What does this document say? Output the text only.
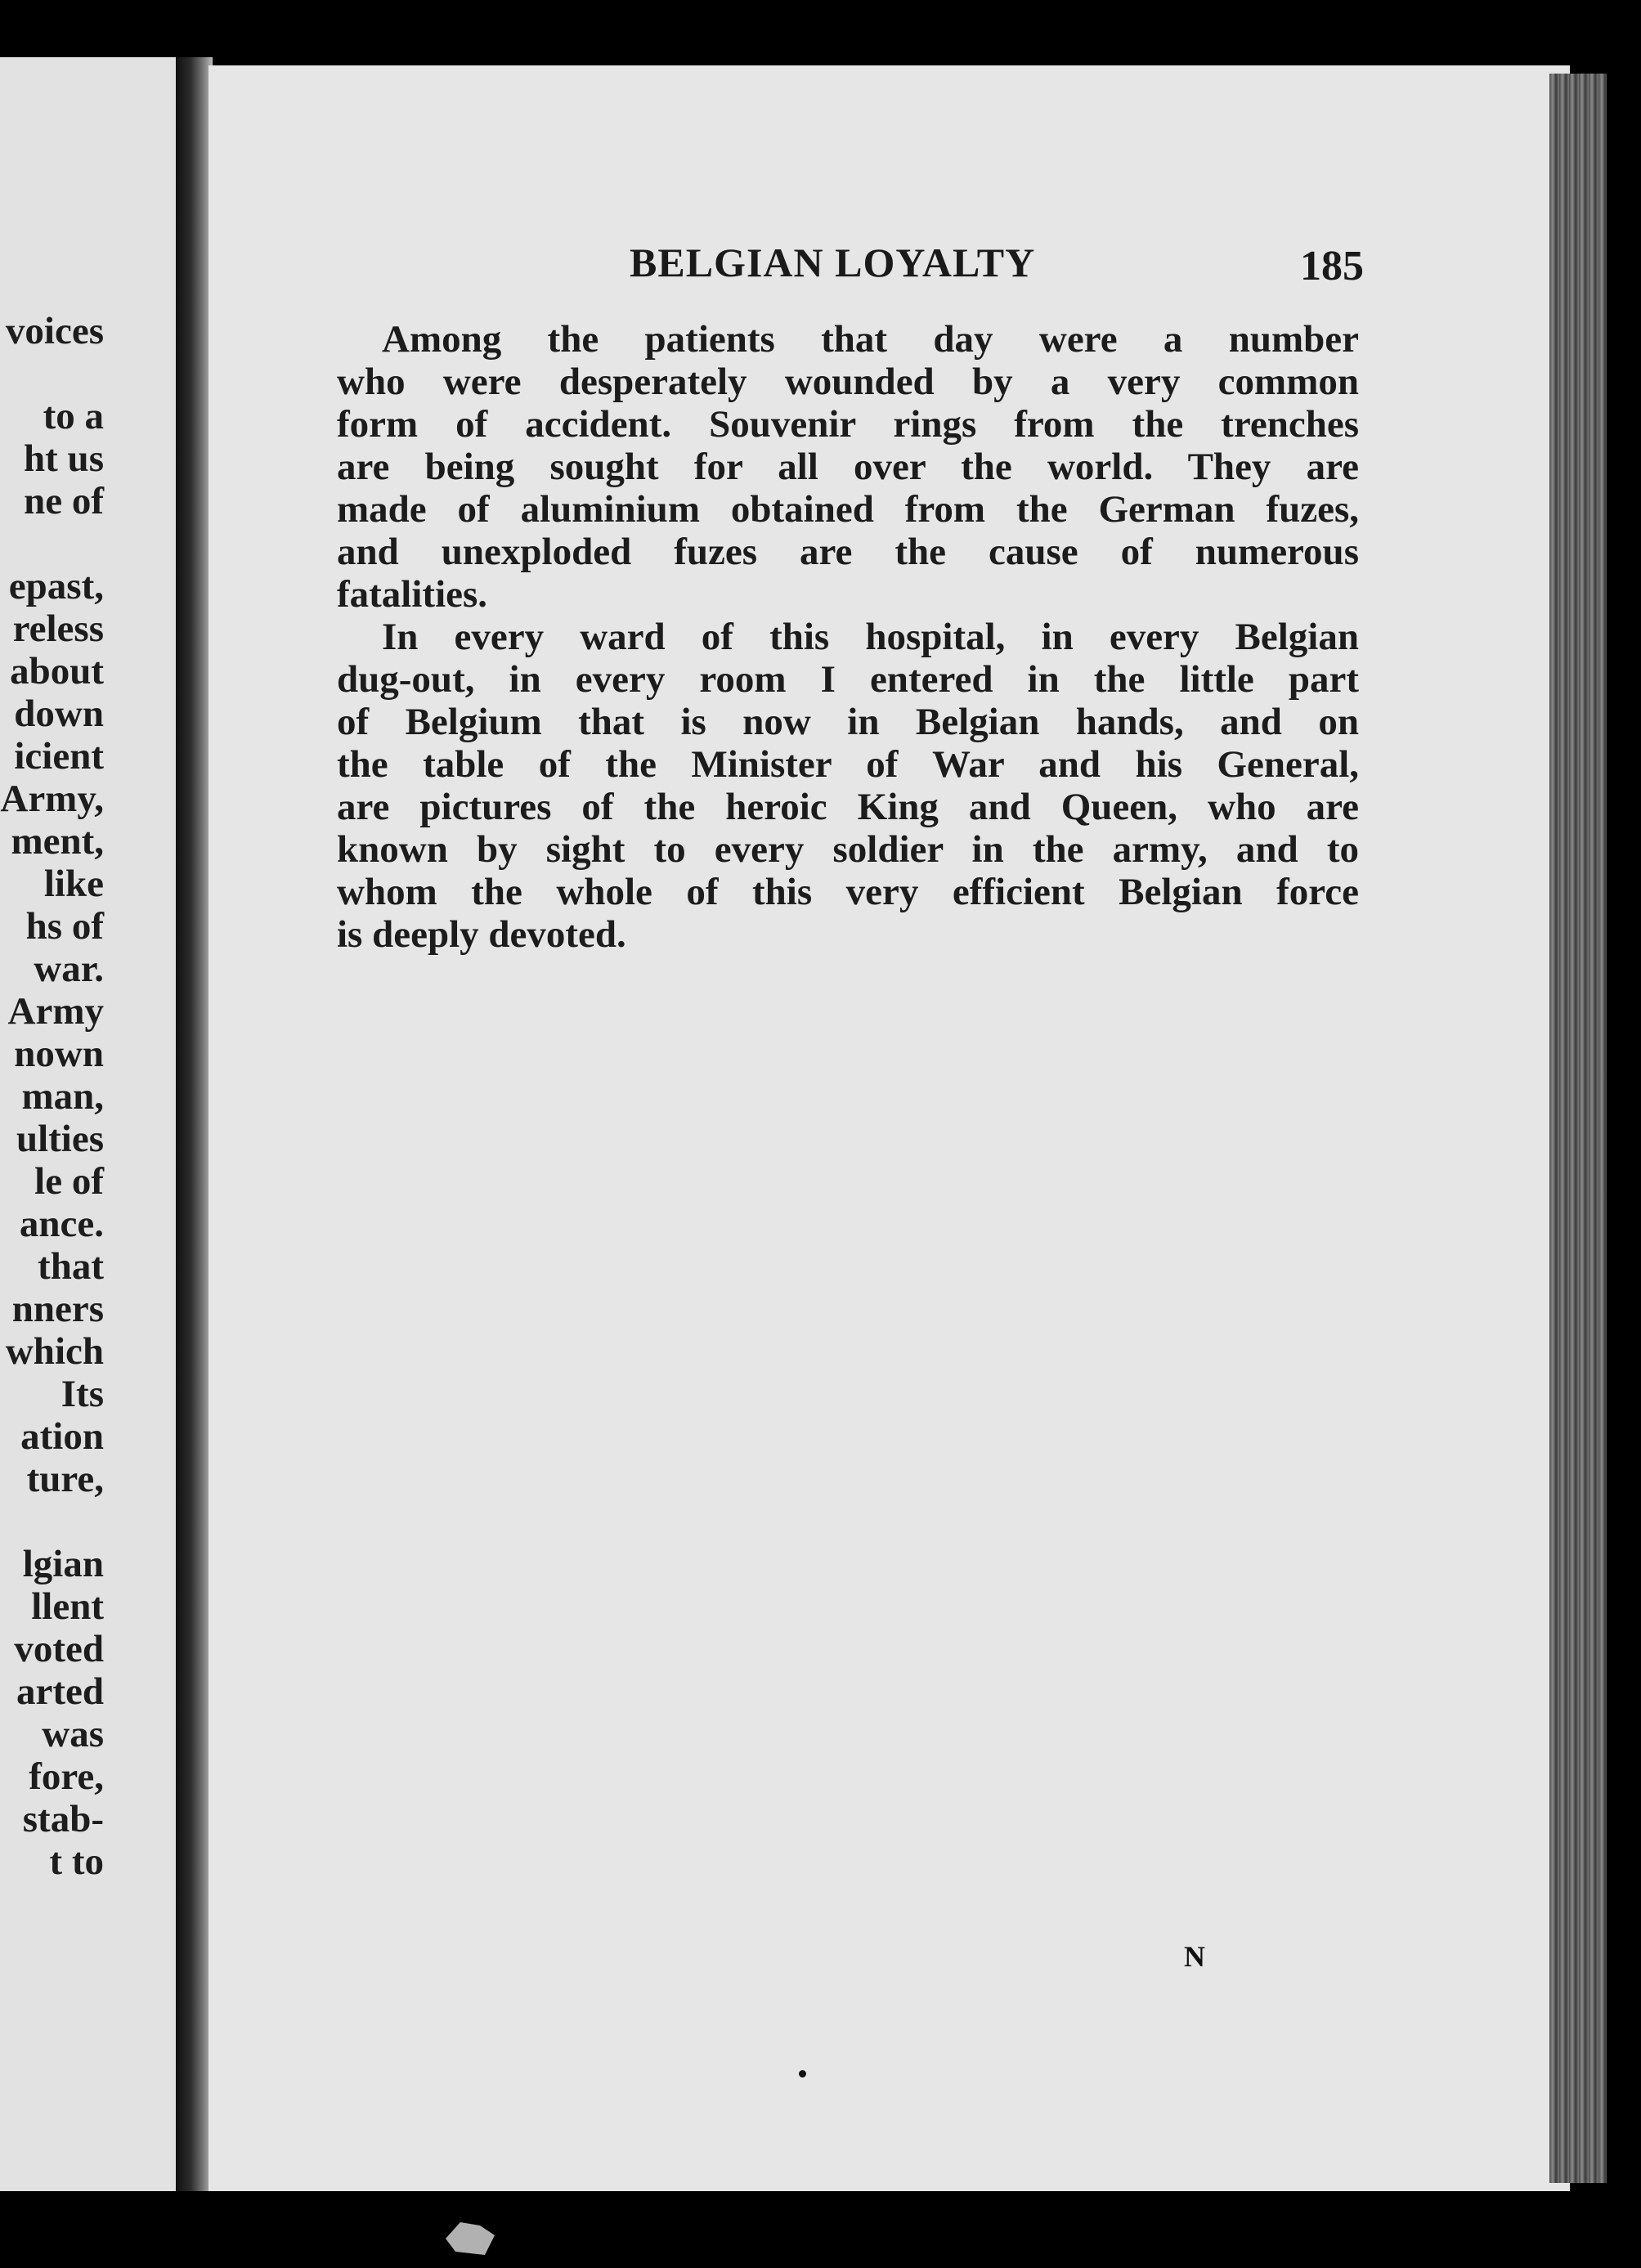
voices
to a
ht us
ne of
epast,
reless
about
down
icient
Army,
ment,
like
hs of
war.
Army
nown
man,
ulties
le of
ance.
that
nners
which
Its
ation
ture,
lgian
llent
voted
arted
was
fore,
stab-
t to
BELGIAN LOYALTY	185
Among the patients that day were a number
who were desperately wounded by a very common
form of accident. Souvenir rings from the trenches
are being sought for all over the world. They are
made of aluminium obtained from the German fuzes,
and unexploded fuzes are the cause of numerous
fatalities.
In every ward of this hospital, in every Belgian
dug-out, in every room I entered in the little part
of Belgium that is now in Belgian hands, and on
the table of the Minister of War and his General,
are pictures of the heroic King and Queen, who are
known by sight to every soldier in the army, and to
whom the whole of this very efficient Belgian force
is deeply devoted.
N
